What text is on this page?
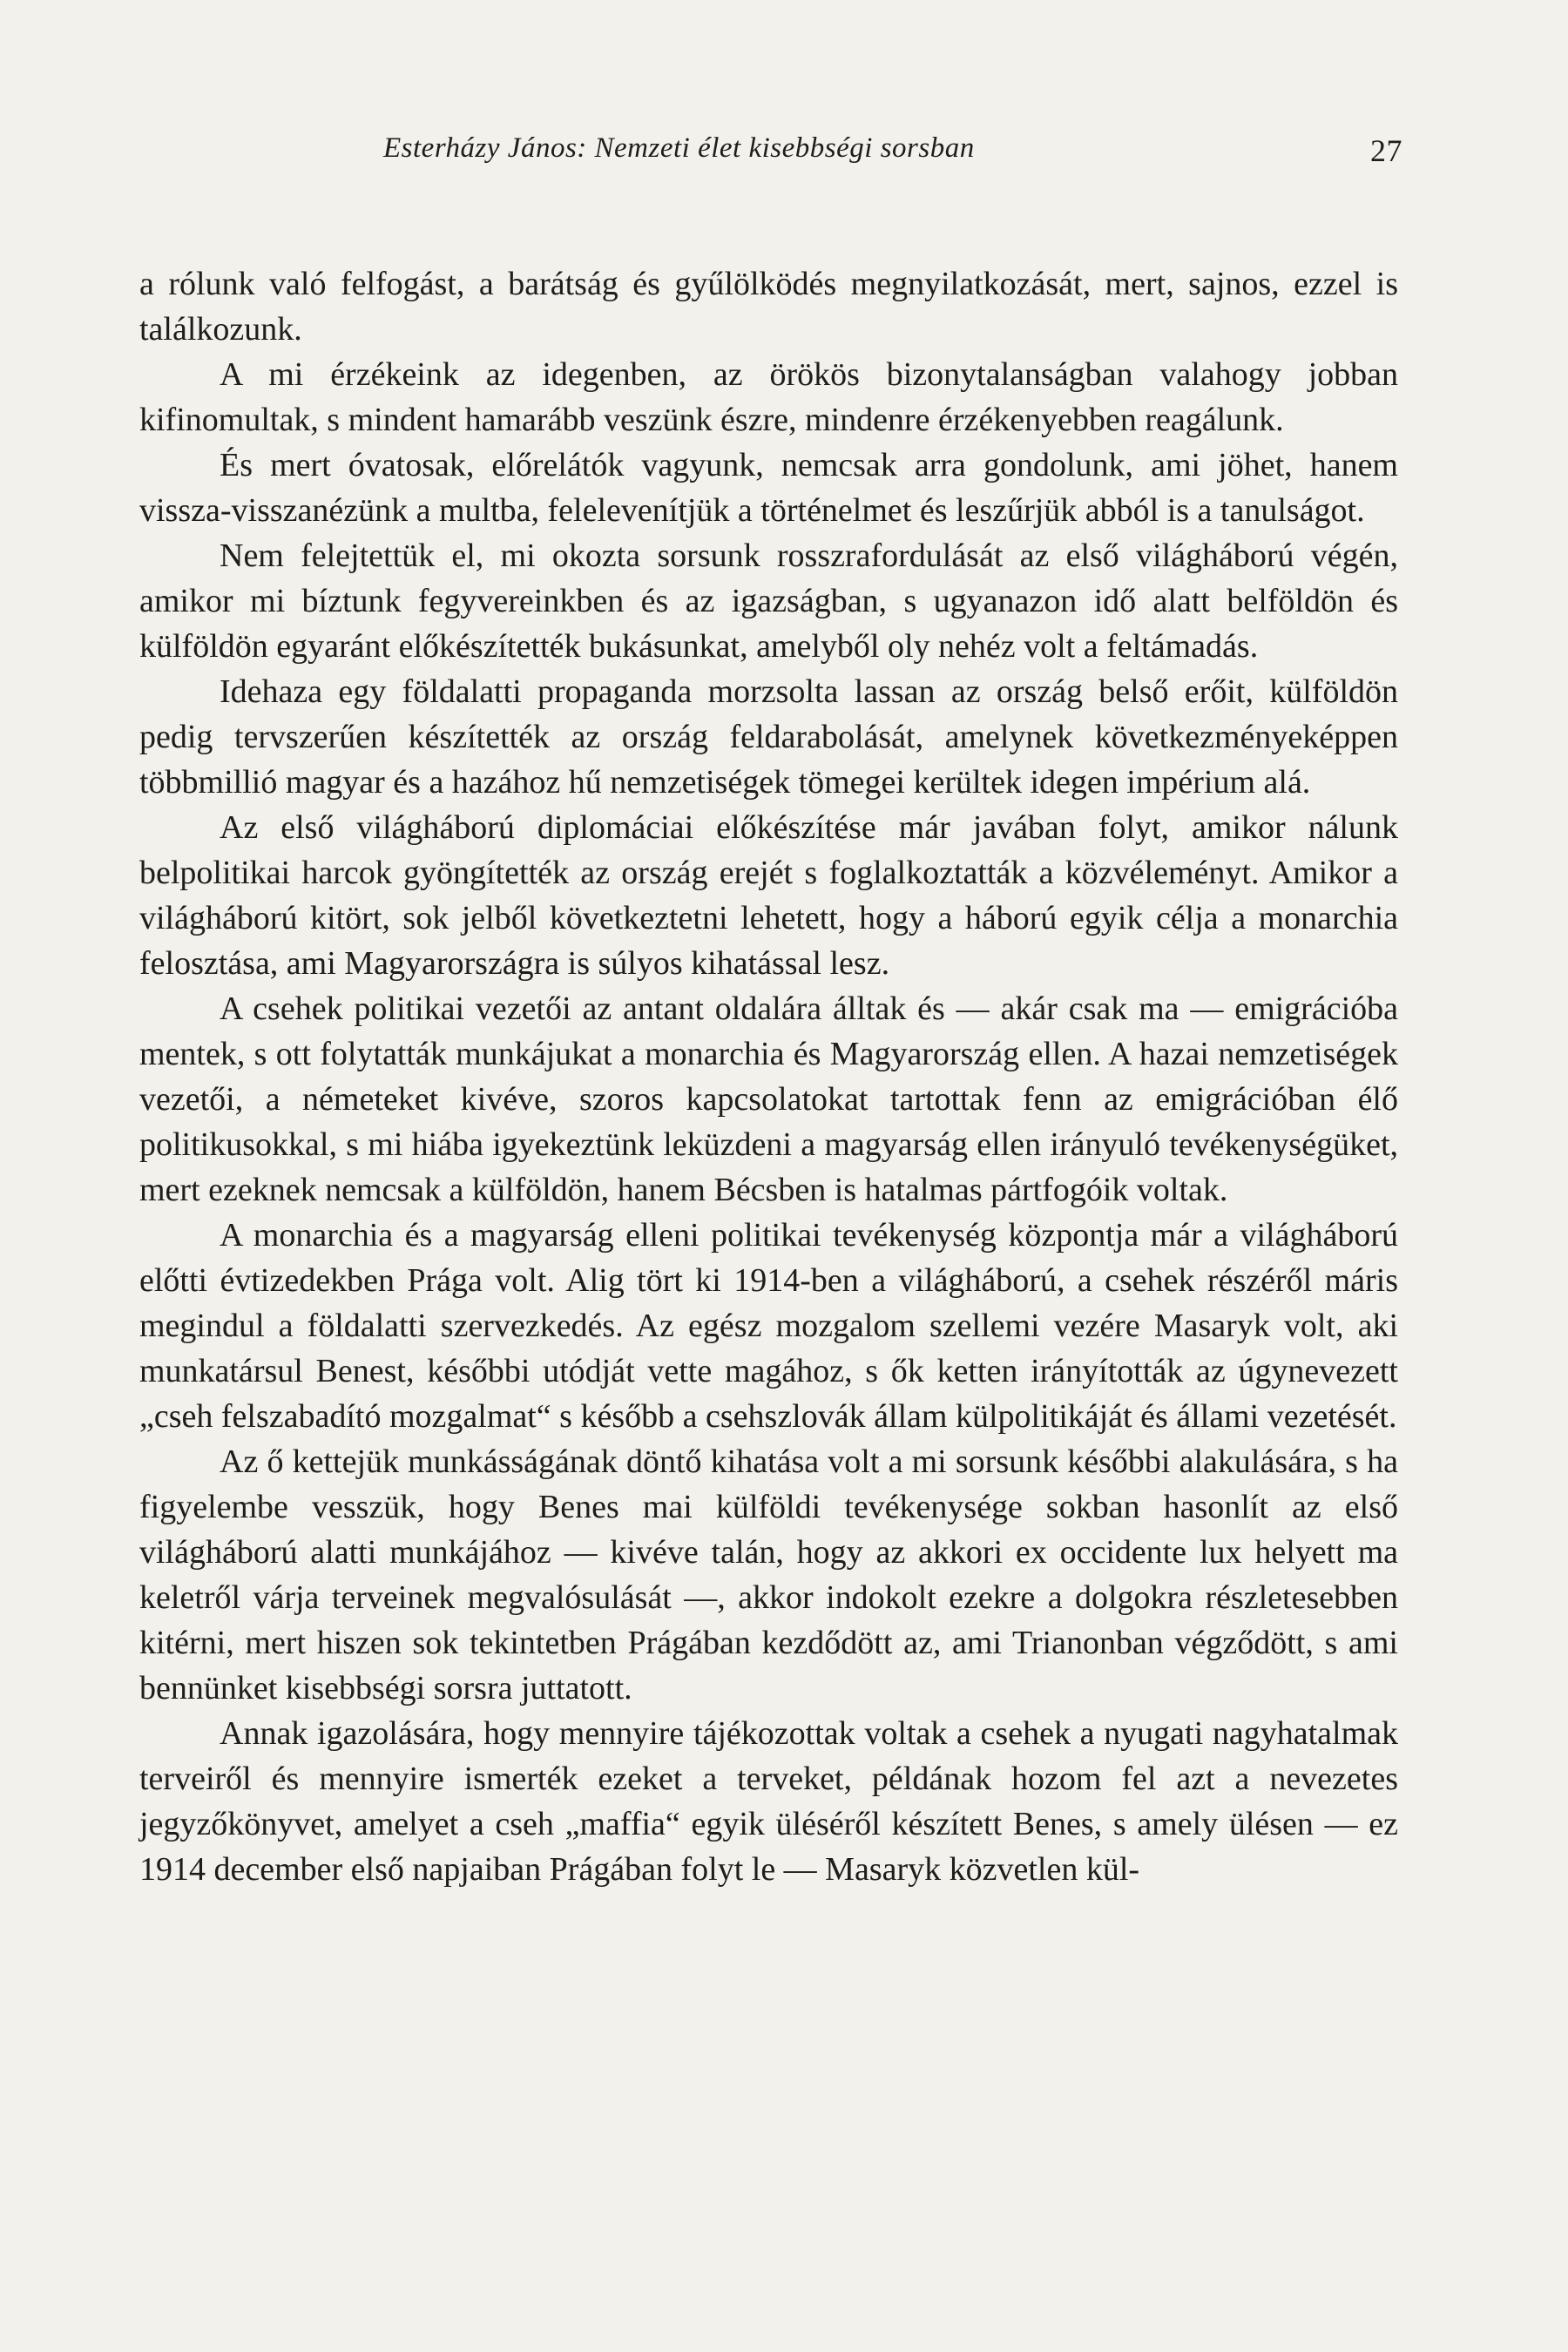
Esterházy János: Nemzeti élet kisebbségi sorsban	27

a rólunk való felfogást, a barátság és gyűlölködés megnyilatkozását, mert, sajnos, ezzel is találkozunk.

A mi érzékeink az idegenben, az örökös bizonytalanságban valahogy jobban kifinomultak, s mindent hamarább veszünk észre, mindenre érzékenyebben reagálunk.

És mert óvatosak, előrelátók vagyunk, nemcsak arra gondolunk, ami jöhet, hanem vissza-visszanézünk a multba, felelevenítjük a történelmet és leszűrjük abból is a tanulságot.

Nem felejtettük el, mi okozta sorsunk rosszrafordulását az első világháború végén, amikor mi bíztunk fegyvereinkben és az igazságban, s ugyanazon idő alatt belföldön és külföldön egyaránt előkészítették bukásunkat, amelyből oly nehéz volt a feltámadás.

Idehaza egy földalatti propaganda morzsolta lassan az ország belső erőit, külföldön pedig tervszerűen készítették az ország feldarabolását, amelynek következményeképpen többmillió magyar és a hazához hű nemzetiségek tömegei kerültek idegen impérium alá.

Az első világháború diplomáciai előkészítése már javában folyt, amikor nálunk belpolitikai harcok gyöngítették az ország erejét s foglalkoztatták a közvéleményt. Amikor a világháború kitört, sok jelből következtetni lehetett, hogy a háború egyik célja a monarchia felosztása, ami Magyarországra is súlyos kihatással lesz.

A csehek politikai vezetői az antant oldalára álltak és — akár csak ma — emigrációba mentek, s ott folytatták munkájukat a monarchia és Magyarország ellen. A hazai nemzetiségek vezetői, a németeket kivéve, szoros kapcsolatokat tartottak fenn az emigrációban élő politikusokkal, s mi hiába igyekeztünk leküzdeni a magyarság ellen irányuló tevékenységüket, mert ezeknek nemcsak a külföldön, hanem Bécsben is hatalmas pártfogóik voltak.

A monarchia és a magyarság elleni politikai tevékenység központja már a világháború előtti évtizedekben Prága volt. Alig tört ki 1914-ben a világháború, a csehek részéről máris megindul a földalatti szervezkedés. Az egész mozgalom szellemi vezére Masaryk volt, aki munkatársul Benest, későbbi utódját vette magához, s ők ketten irányították az úgynevezett „cseh felszabadító mozgalmat“ s később a csehszlovák állam külpolitikáját és állami vezetését.

Az ő kettejük munkásságának döntő kihatása volt a mi sorsunk későbbi alakulására, s ha figyelembe vesszük, hogy Benes mai külföldi tevékenysége sokban hasonlít az első világháború alatti munkájához — kivéve talán, hogy az akkori ex occidente lux helyett ma keletről várja terveinek megvalósulását —, akkor indokolt ezekre a dolgokra részletesebben kitérni, mert hiszen sok tekintetben Prágában kezdődött az, ami Trianonban végződött, s ami bennünket kisebbségi sorsra juttatott.

Annak igazolására, hogy mennyire tájékozottak voltak a csehek a nyugati nagyhatalmak terveiről és mennyire ismerték ezeket a terveket, példának hozom fel azt a nevezetes jegyzőkönyvet, amelyet a cseh „maffia“ egyik üléséről készített Benes, s amely ülésen — ez 1914 december első napjaiban Prágában folyt le — Masaryk közvetlen kül-
